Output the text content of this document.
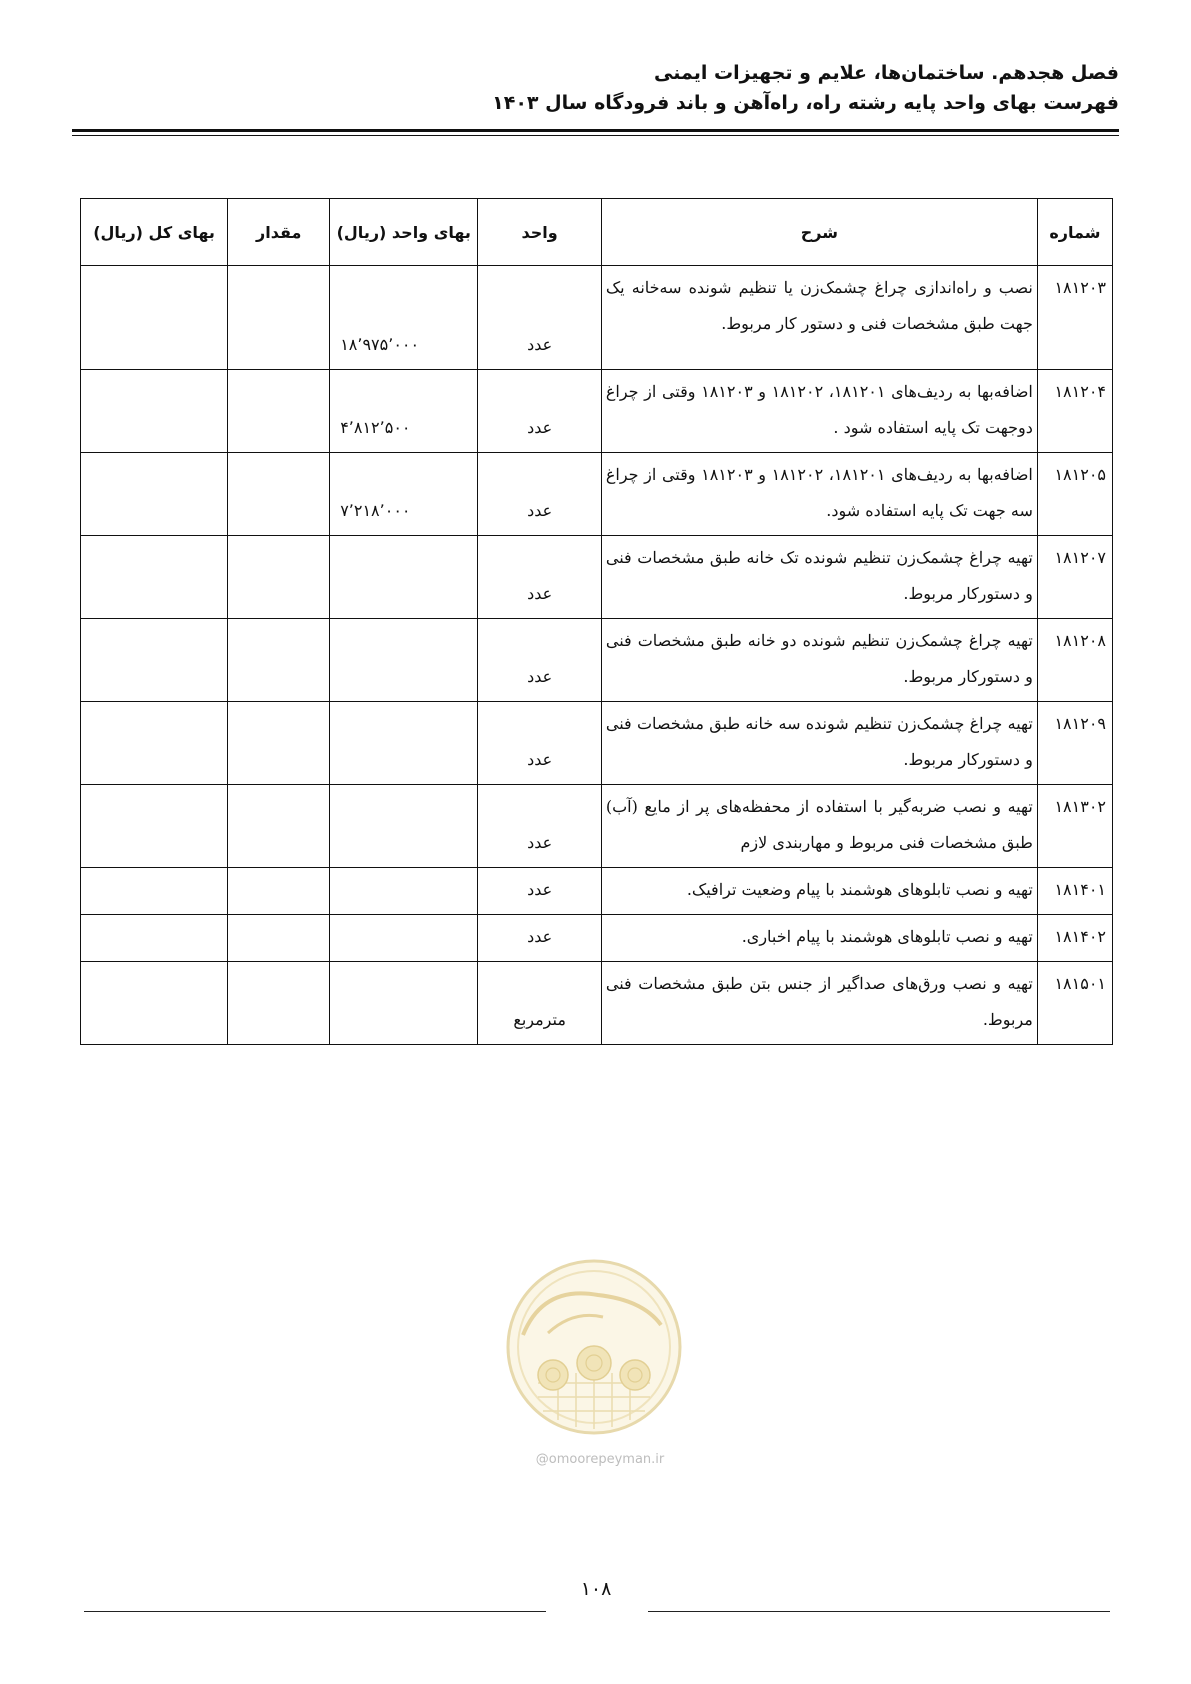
فصل هجدهم. ساختمان‌ها، علایم و تجهیزات ایمنی
فهرست بهای واحد پایه رشته راه، راه‌آهن و باند فرودگاه سال ۱۴۰۳
شماره	شرح	واحد	بهای واحد (ریال)	مقدار	بهای کل (ریال)
۱۸۱۲۰۳	نصب و راه‌اندازی چراغ چشمک‌زن یا تنظیم شونده سه‌خانه یک جهت طبق مشخصات فنی و دستور کار مربوط.	عدد	۱۸٬۹۷۵٬۰۰۰		
۱۸۱۲۰۴	اضافه‌بها به ردیف‌های ۱۸۱۲۰۱، ۱۸۱۲۰۲ و ۱۸۱۲۰۳ وقتی از چراغ دوجهت تک پایه استفاده شود .	عدد	۴٬۸۱۲٬۵۰۰		
۱۸۱۲۰۵	اضافه‌بها به ردیف‌های ۱۸۱۲۰۱، ۱۸۱۲۰۲ و ۱۸۱۲۰۳ وقتی از چراغ سه جهت تک پایه استفاده شود.	عدد	۷٬۲۱۸٬۰۰۰		
۱۸۱۲۰۷	تهیه چراغ چشمک‌زن تنظیم شونده تک خانه طبق مشخصات فنی و دستورکار مربوط.	عدد			
۱۸۱۲۰۸	تهیه چراغ چشمک‌زن تنظیم شونده دو خانه طبق مشخصات فنی و دستورکار مربوط.	عدد			
۱۸۱۲۰۹	تهیه چراغ چشمک‌زن تنظیم شونده سه خانه طبق مشخصات فنی و دستورکار مربوط.	عدد			
۱۸۱۳۰۲	تهیه و نصب ضربه‌گیر با استفاده از محفظه‌های پر از مایع (آب) طبق مشخصات فنی مربوط و مهاربندی لازم	عدد			
۱۸۱۴۰۱	تهیه و نصب تابلوهای هوشمند با پیام وضعیت ترافیک.	عدد			
۱۸۱۴۰۲	تهیه و نصب تابلوهای هوشمند با پیام اخباری.	عدد			
۱۸۱۵۰۱	تهیه و نصب ورق‌های صداگیر از جنس بتن طبق مشخصات فنی مربوط.	مترمربع			
@omoorepeyman.ir
۱۰۸
